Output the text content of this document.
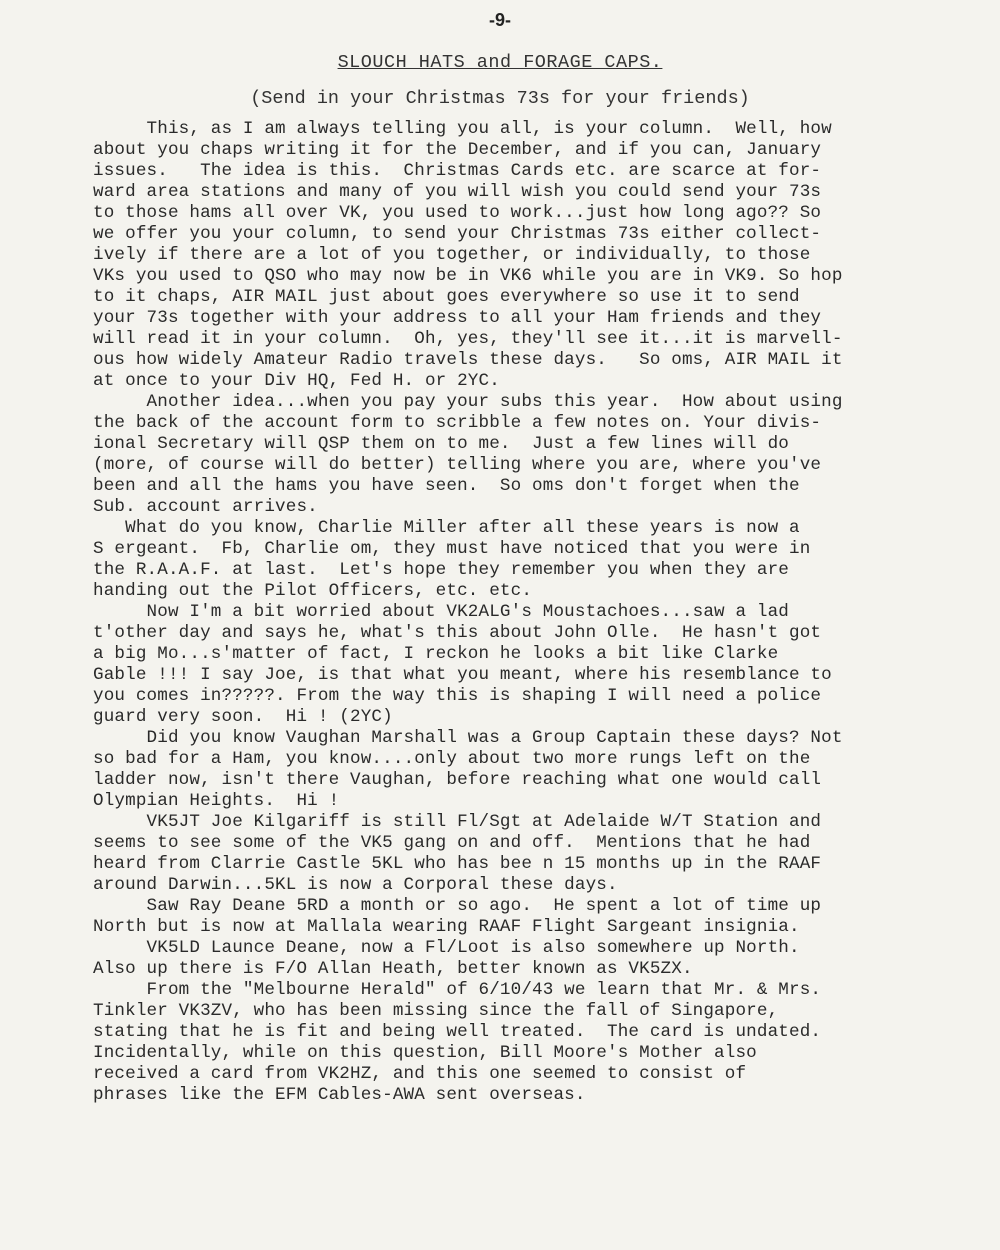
-9-
SLOUCH HATS and FORAGE CAPS.
(Send in your Christmas 73s for your friends)
This, as I am always telling you all, is your column.  Well, how
about you chaps writing it for the December, and if you can, January
issues.   The idea is this.  Christmas Cards etc. are scarce at for-
ward area stations and many of you will wish you could send your 73s
to those hams all over VK, you used to work...just how long ago?? So
we offer you your column, to send your Christmas 73s either collect-
ively if there are a lot of you together, or individually, to those
VKs you used to QSO who may now be in VK6 while you are in VK9. So hop
to it chaps, AIR MAIL just about goes everywhere so use it to send
your 73s together with your address to all your Ham friends and they
will read it in your column.  Oh, yes, they'll see it...it is marvell-
ous how widely Amateur Radio travels these days.   So oms, AIR MAIL it
at once to your Div HQ, Fed H. or 2YC.
Another idea...when you pay your subs this year.  How about using
the back of the account form to scribble a few notes on. Your divis-
ional Secretary will QSP them on to me.  Just a few lines will do
(more, of course will do better) telling where you are, where you've
been and all the hams you have seen.  So oms don't forget when the
Sub. account arrives.
What do you know, Charlie Miller after all these years is now a
S ergeant.  Fb, Charlie om, they must have noticed that you were in
the R.A.A.F. at last.  Let's hope they remember you when they are
handing out the Pilot Officers, etc. etc.
Now I'm a bit worried about VK2ALG's Moustachoes...saw a lad
t'other day and says he, what's this about John Olle.  He hasn't got
a big Mo...s'matter of fact, I reckon he looks a bit like Clarke
Gable !!! I say Joe, is that what you meant, where his resemblance to
you comes in?????. From the way this is shaping I will need a police
guard very soon.  Hi ! (2YC)
Did you know Vaughan Marshall was a Group Captain these days? Not
so bad for a Ham, you know....only about two more rungs left on the
ladder now, isn't there Vaughan, before reaching what one would call
Olympian Heights.  Hi !
VK5JT Joe Kilgariff is still Fl/Sgt at Adelaide W/T Station and
seems to see some of the VK5 gang on and off.  Mentions that he had
heard from Clarrie Castle 5KL who has bee n 15 months up in the RAAF
around Darwin...5KL is now a Corporal these days.
Saw Ray Deane 5RD a month or so ago.  He spent a lot of time up
North but is now at Mallala wearing RAAF Flight Sargeant insignia.
VK5LD Launce Deane, now a Fl/Loot is also somewhere up North.
Also up there is F/O Allan Heath, better known as VK5ZX.
From the "Melbourne Herald" of 6/10/43 we learn that Mr. & Mrs.
Tinkler VK3ZV, who has been missing since the fall of Singapore,
stating that he is fit and being well treated.  The card is undated.
Incidentally, while on this question, Bill Moore's Mother also
received a card from VK2HZ, and this one seemed to consist of
phrases like the EFM Cables-AWA sent overseas.
